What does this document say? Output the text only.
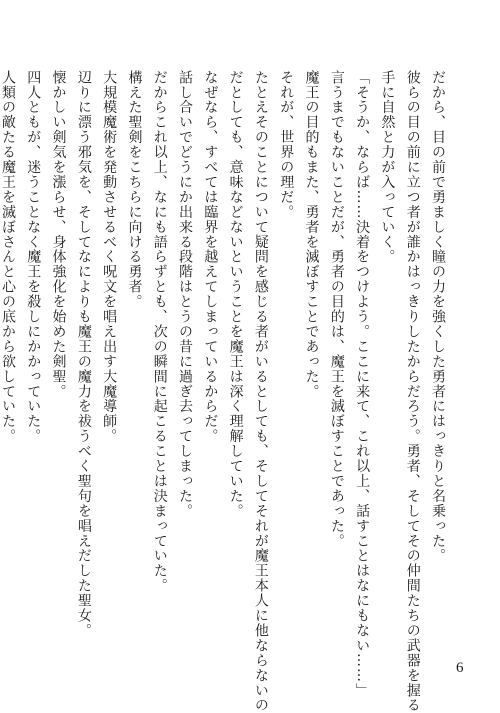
だから、目の前で勇ましく瞳の力を強くした勇者にはっきりと名乗った。
彼らの目の前に立つ者が誰かはっきりしたからだろう。勇者、そしてその仲間たちの武器を握る
手に自然と力が入っていく。
「そうか、ならば……決着をつけよう。ここに来て、これ以上、話すことはなにもない……」
言うまでもないことだが、勇者の目的は、魔王を滅ぼすことであった。
魔王の目的もまた、勇者を滅ぼすことであった。
それが、世界の理だ。
たとえそのことについて疑問を感じる者がいるとしても、そしてそれが魔王本人に他ならないの
だとしても、意味などないということを魔王は深く理解していた。
なぜなら、すべては臨界を越えてしまっているからだ。
話し合いでどうにか出来る段階はとうの昔に過ぎ去ってしまった。
だからこれ以上、なにも語らずとも、次の瞬間に起こることは決まっていた。
構えた聖剣をこちらに向ける勇者。
大規模魔術を発動させるべく呪文を唱え出す大魔導師。
辺りに漂う邪気を、そしてなによりも魔王の魔力を祓うべく聖句を唱えだした聖女。
懐かしい剣気を漲らせ、身体強化を始めた剣聖。
四人ともが、迷うことなく魔王を殺しにかかっていた。
人類の敵たる魔王を滅ぼさんと心の底から欲していた。
6
